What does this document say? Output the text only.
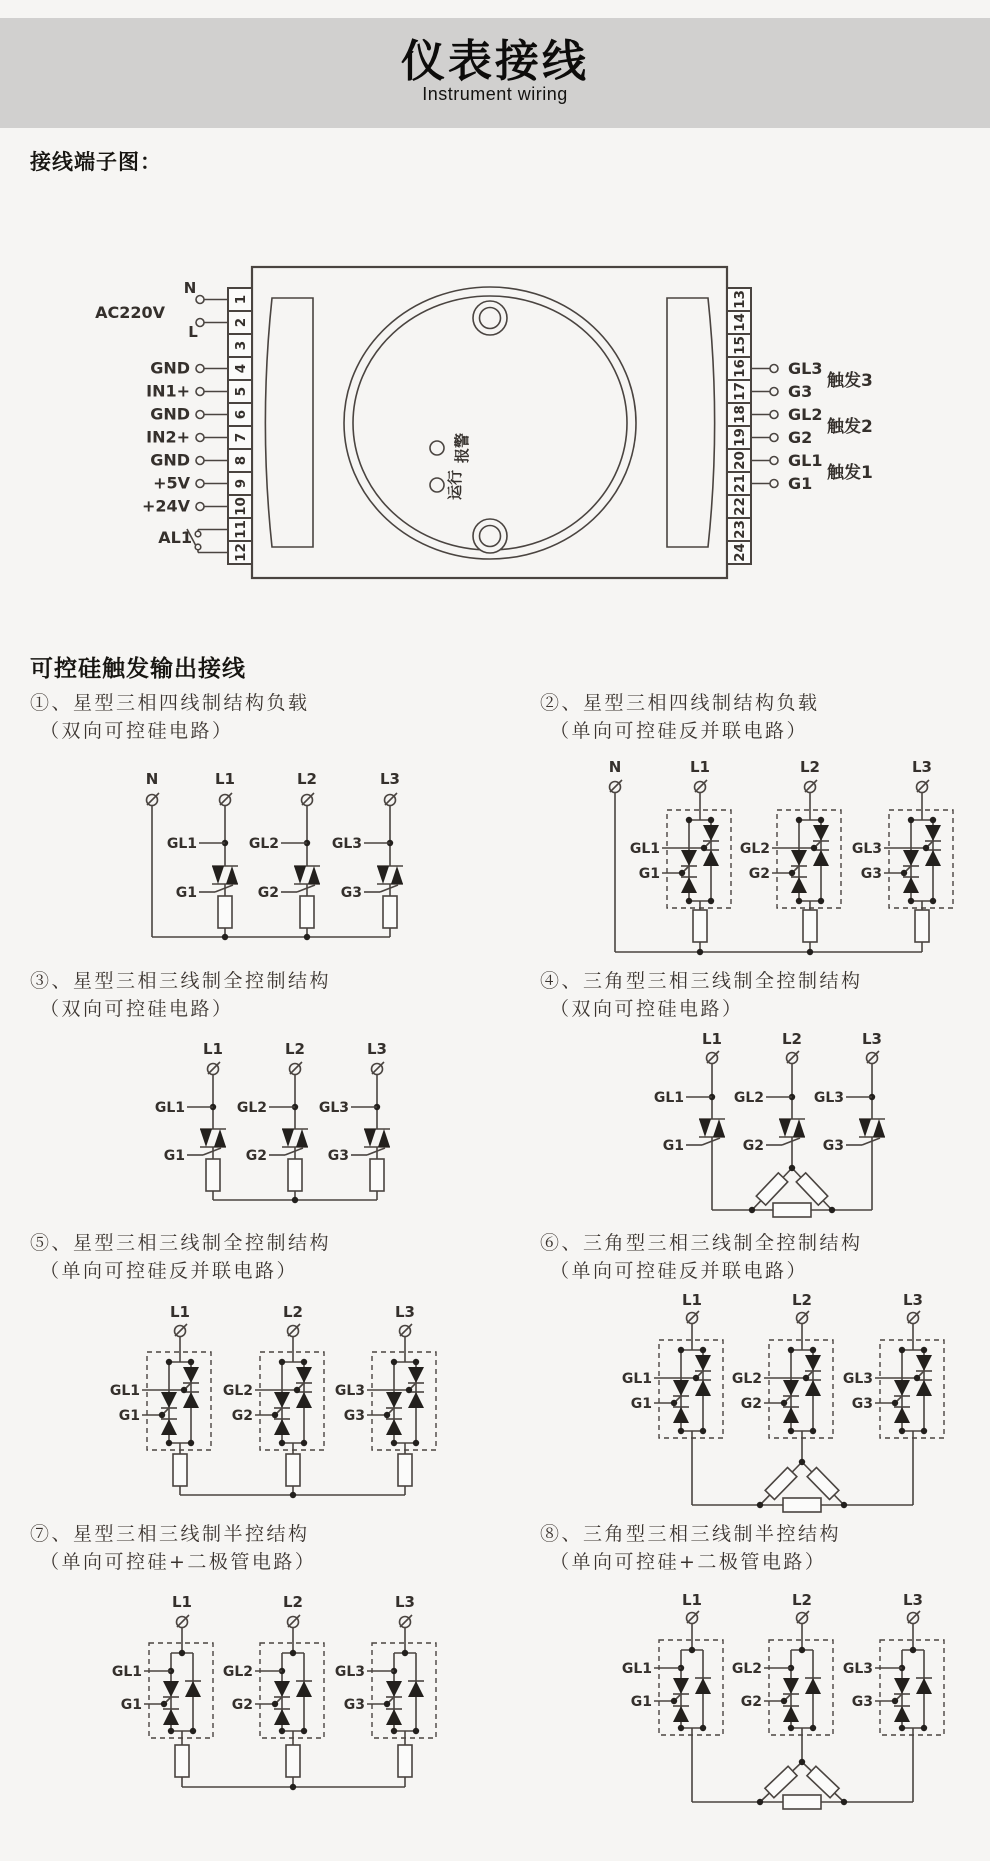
仪表接线
Instrument wiring
接线端子图：
报警
运行
1	13
2	14
3	15
4	16
5	17
6	18
7	19
8	20
9	21
10	22
11	23
12	24
N
L
GND
IN1+
GND
IN2+
GND
+5V
+24V
AC220V
AL1
GL3
G3
GL2
G2
GL1
G1
触发3
触发2
触发1
可控硅触发输出接线
①、星型三相四线制结构负载
（双向可控硅电路）
②、星型三相四线制结构负载
（单向可控硅反并联电路）
③、星型三相三线制全控制结构
（双向可控硅电路）
④、三角型三相三线制全控制结构
（双向可控硅电路）
⑤、星型三相三线制全控制结构
（单向可控硅反并联电路）
⑥、三角型三相三线制全控制结构
（单向可控硅反并联电路）
⑦、星型三相三线制半控结构
（单向可控硅+二极管电路）
⑧、三角型三相三线制半控结构
（单向可控硅+二极管电路）
N	L1
GL1
G1
L2
GL2
G2
L3
GL3
G3
N	L1
GL1
G1
L2
GL2
G2
L3
GL3
G3
L1
GL1
G1
L2
GL2
G2
L3
GL3
G3
L1
GL1
G1
L2
GL2
G2
L3
GL3
G3
L1
GL1
G1
L2
GL2
G2
L3
GL3
G3
L1
GL1
G1
L2
GL2
G2
L3
GL3
G3
L1
GL1
G1
L2
GL2
G2
L3
GL3
G3
L1
GL1
G1
L2
GL2
G2
L3
GL3
G3
